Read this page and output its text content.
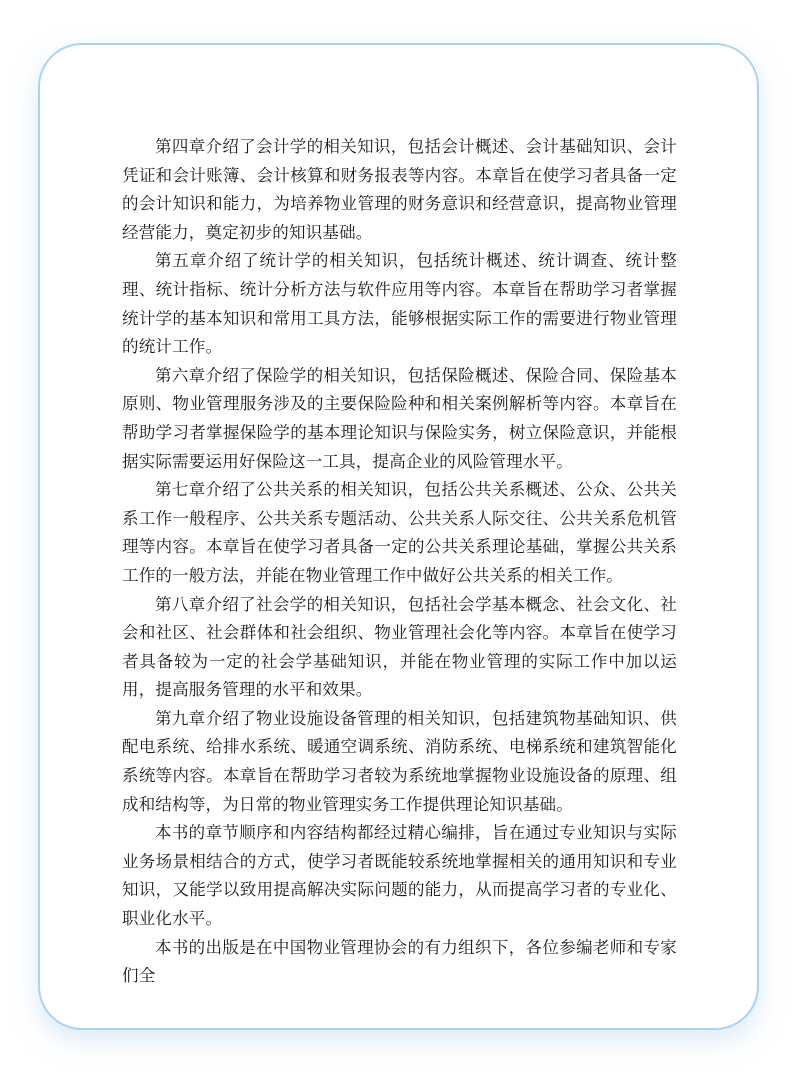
第四章介绍了会计学的相关知识，包括会计概述、会计基础知识、会计凭证和会计账簿、会计核算和财务报表等内容。本章旨在使学习者具备一定的会计知识和能力，为培养物业管理的财务意识和经营意识，提高物业管理经营能力，奠定初步的知识基础。

第五章介绍了统计学的相关知识，包括统计概述、统计调查、统计整理、统计指标、统计分析方法与软件应用等内容。本章旨在帮助学习者掌握统计学的基本知识和常用工具方法，能够根据实际工作的需要进行物业管理的统计工作。

第六章介绍了保险学的相关知识，包括保险概述、保险合同、保险基本原则、物业管理服务涉及的主要保险险种和相关案例解析等内容。本章旨在帮助学习者掌握保险学的基本理论知识与保险实务，树立保险意识，并能根据实际需要运用好保险这一工具，提高企业的风险管理水平。

第七章介绍了公共关系的相关知识，包括公共关系概述、公众、公共关系工作一般程序、公共关系专题活动、公共关系人际交往、公共关系危机管理等内容。本章旨在使学习者具备一定的公共关系理论基础，掌握公共关系工作的一般方法，并能在物业管理工作中做好公共关系的相关工作。

第八章介绍了社会学的相关知识，包括社会学基本概念、社会文化、社会和社区、社会群体和社会组织、物业管理社会化等内容。本章旨在使学习者具备较为一定的社会学基础知识，并能在物业管理的实际工作中加以运用，提高服务管理的水平和效果。

第九章介绍了物业设施设备管理的相关知识，包括建筑物基础知识、供配电系统、给排水系统、暖通空调系统、消防系统、电梯系统和建筑智能化系统等内容。本章旨在帮助学习者较为系统地掌握物业设施设备的原理、组成和结构等，为日常的物业管理实务工作提供理论知识基础。

本书的章节顺序和内容结构都经过精心编排，旨在通过专业知识与实际业务场景相结合的方式，使学习者既能较系统地掌握相关的通用知识和专业知识，又能学以致用提高解决实际问题的能力，从而提高学习者的专业化、职业化水平。

本书的出版是在中国物业管理协会的有力组织下，各位参编老师和专家们全
